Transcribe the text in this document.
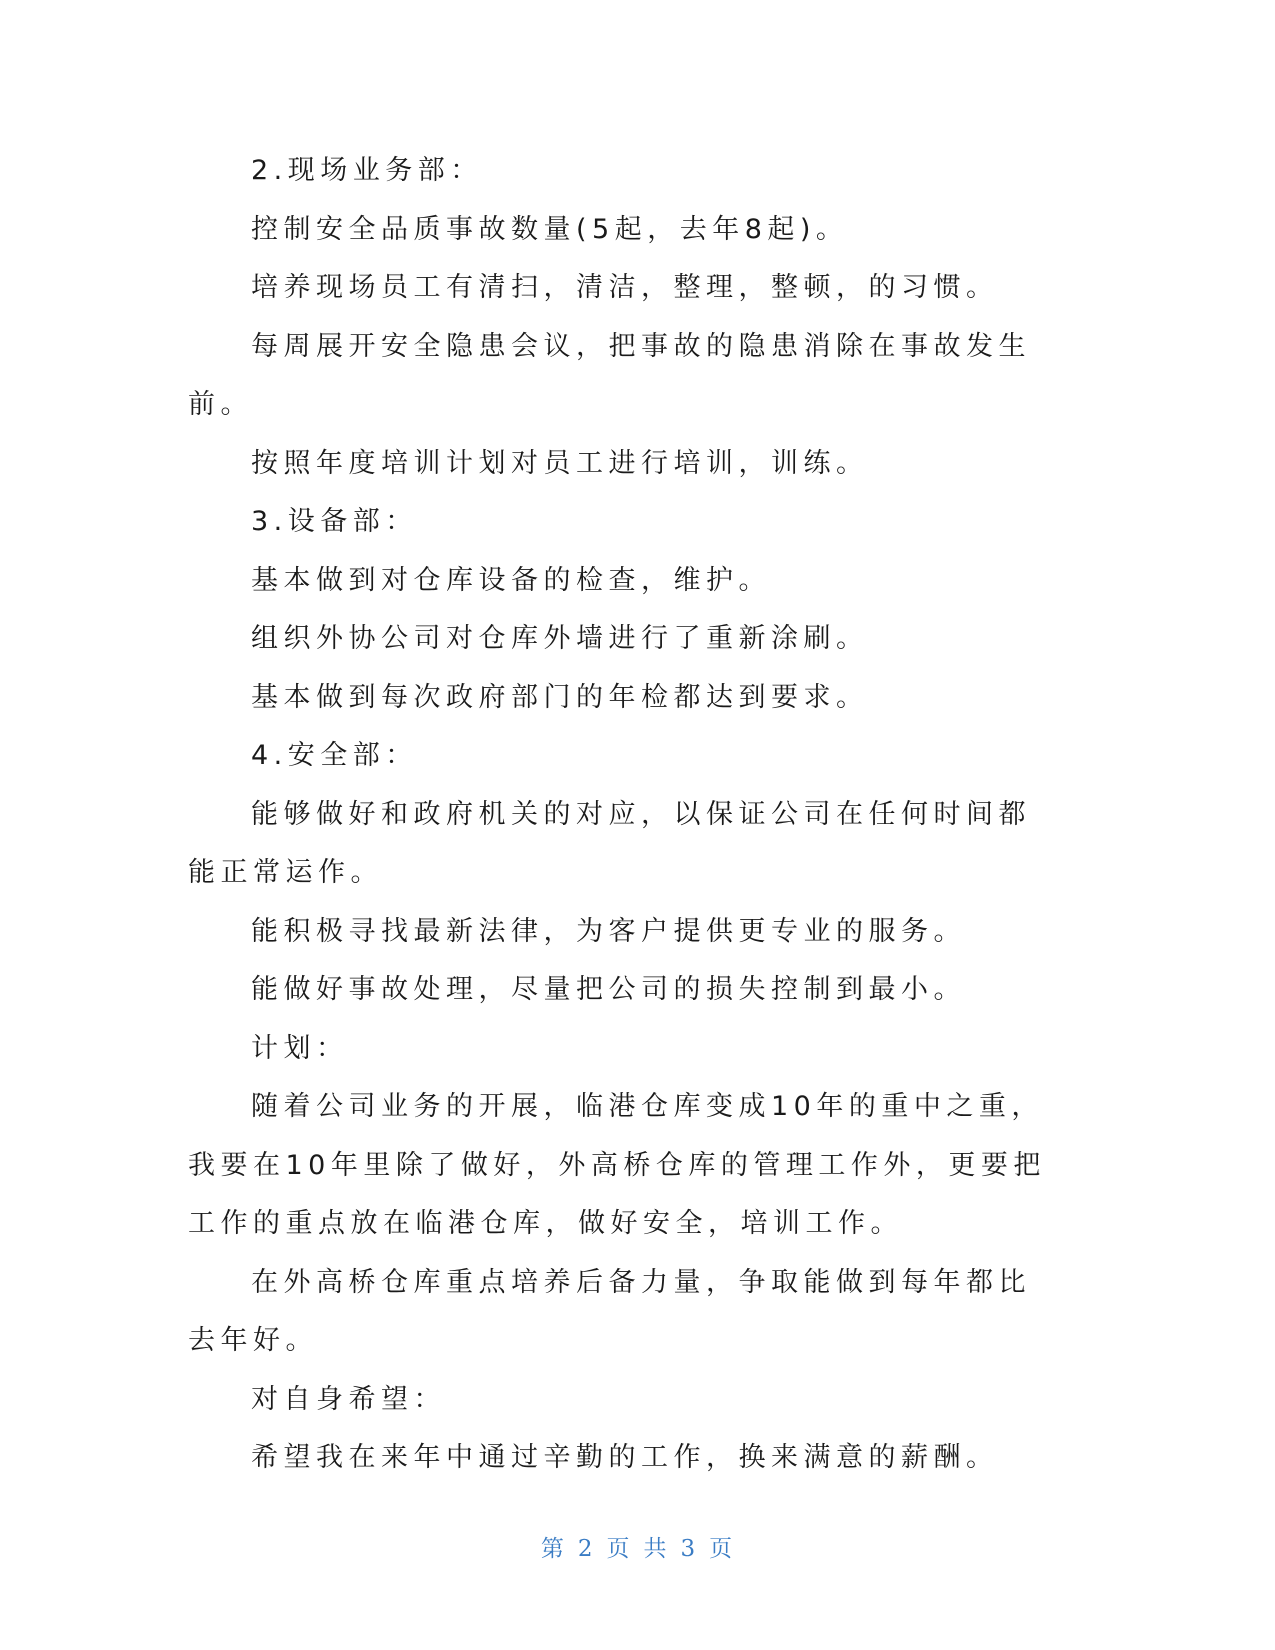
2.现场业务部：

控制安全品质事故数量(5起，去年8起)。

培养现场员工有清扫，清洁，整理，整顿，的习惯。

每周展开安全隐患会议，把事故的隐患消除在事故发生前。

按照年度培训计划对员工进行培训，训练。

3.设备部：

基本做到对仓库设备的检查，维护。

组织外协公司对仓库外墙进行了重新涂刷。

基本做到每次政府部门的年检都达到要求。

4.安全部：

能够做好和政府机关的对应，以保证公司在任何时间都能正常运作。

能积极寻找最新法律，为客户提供更专业的服务。

能做好事故处理，尽量把公司的损失控制到最小。

计划：

随着公司业务的开展，临港仓库变成10年的重中之重，我要在10年里除了做好，外高桥仓库的管理工作外，更要把工作的重点放在临港仓库，做好安全，培训工作。

在外高桥仓库重点培养后备力量，争取能做到每年都比去年好。

对自身希望：

希望我在来年中通过辛勤的工作，换来满意的薪酬。

第 2 页 共 3 页
